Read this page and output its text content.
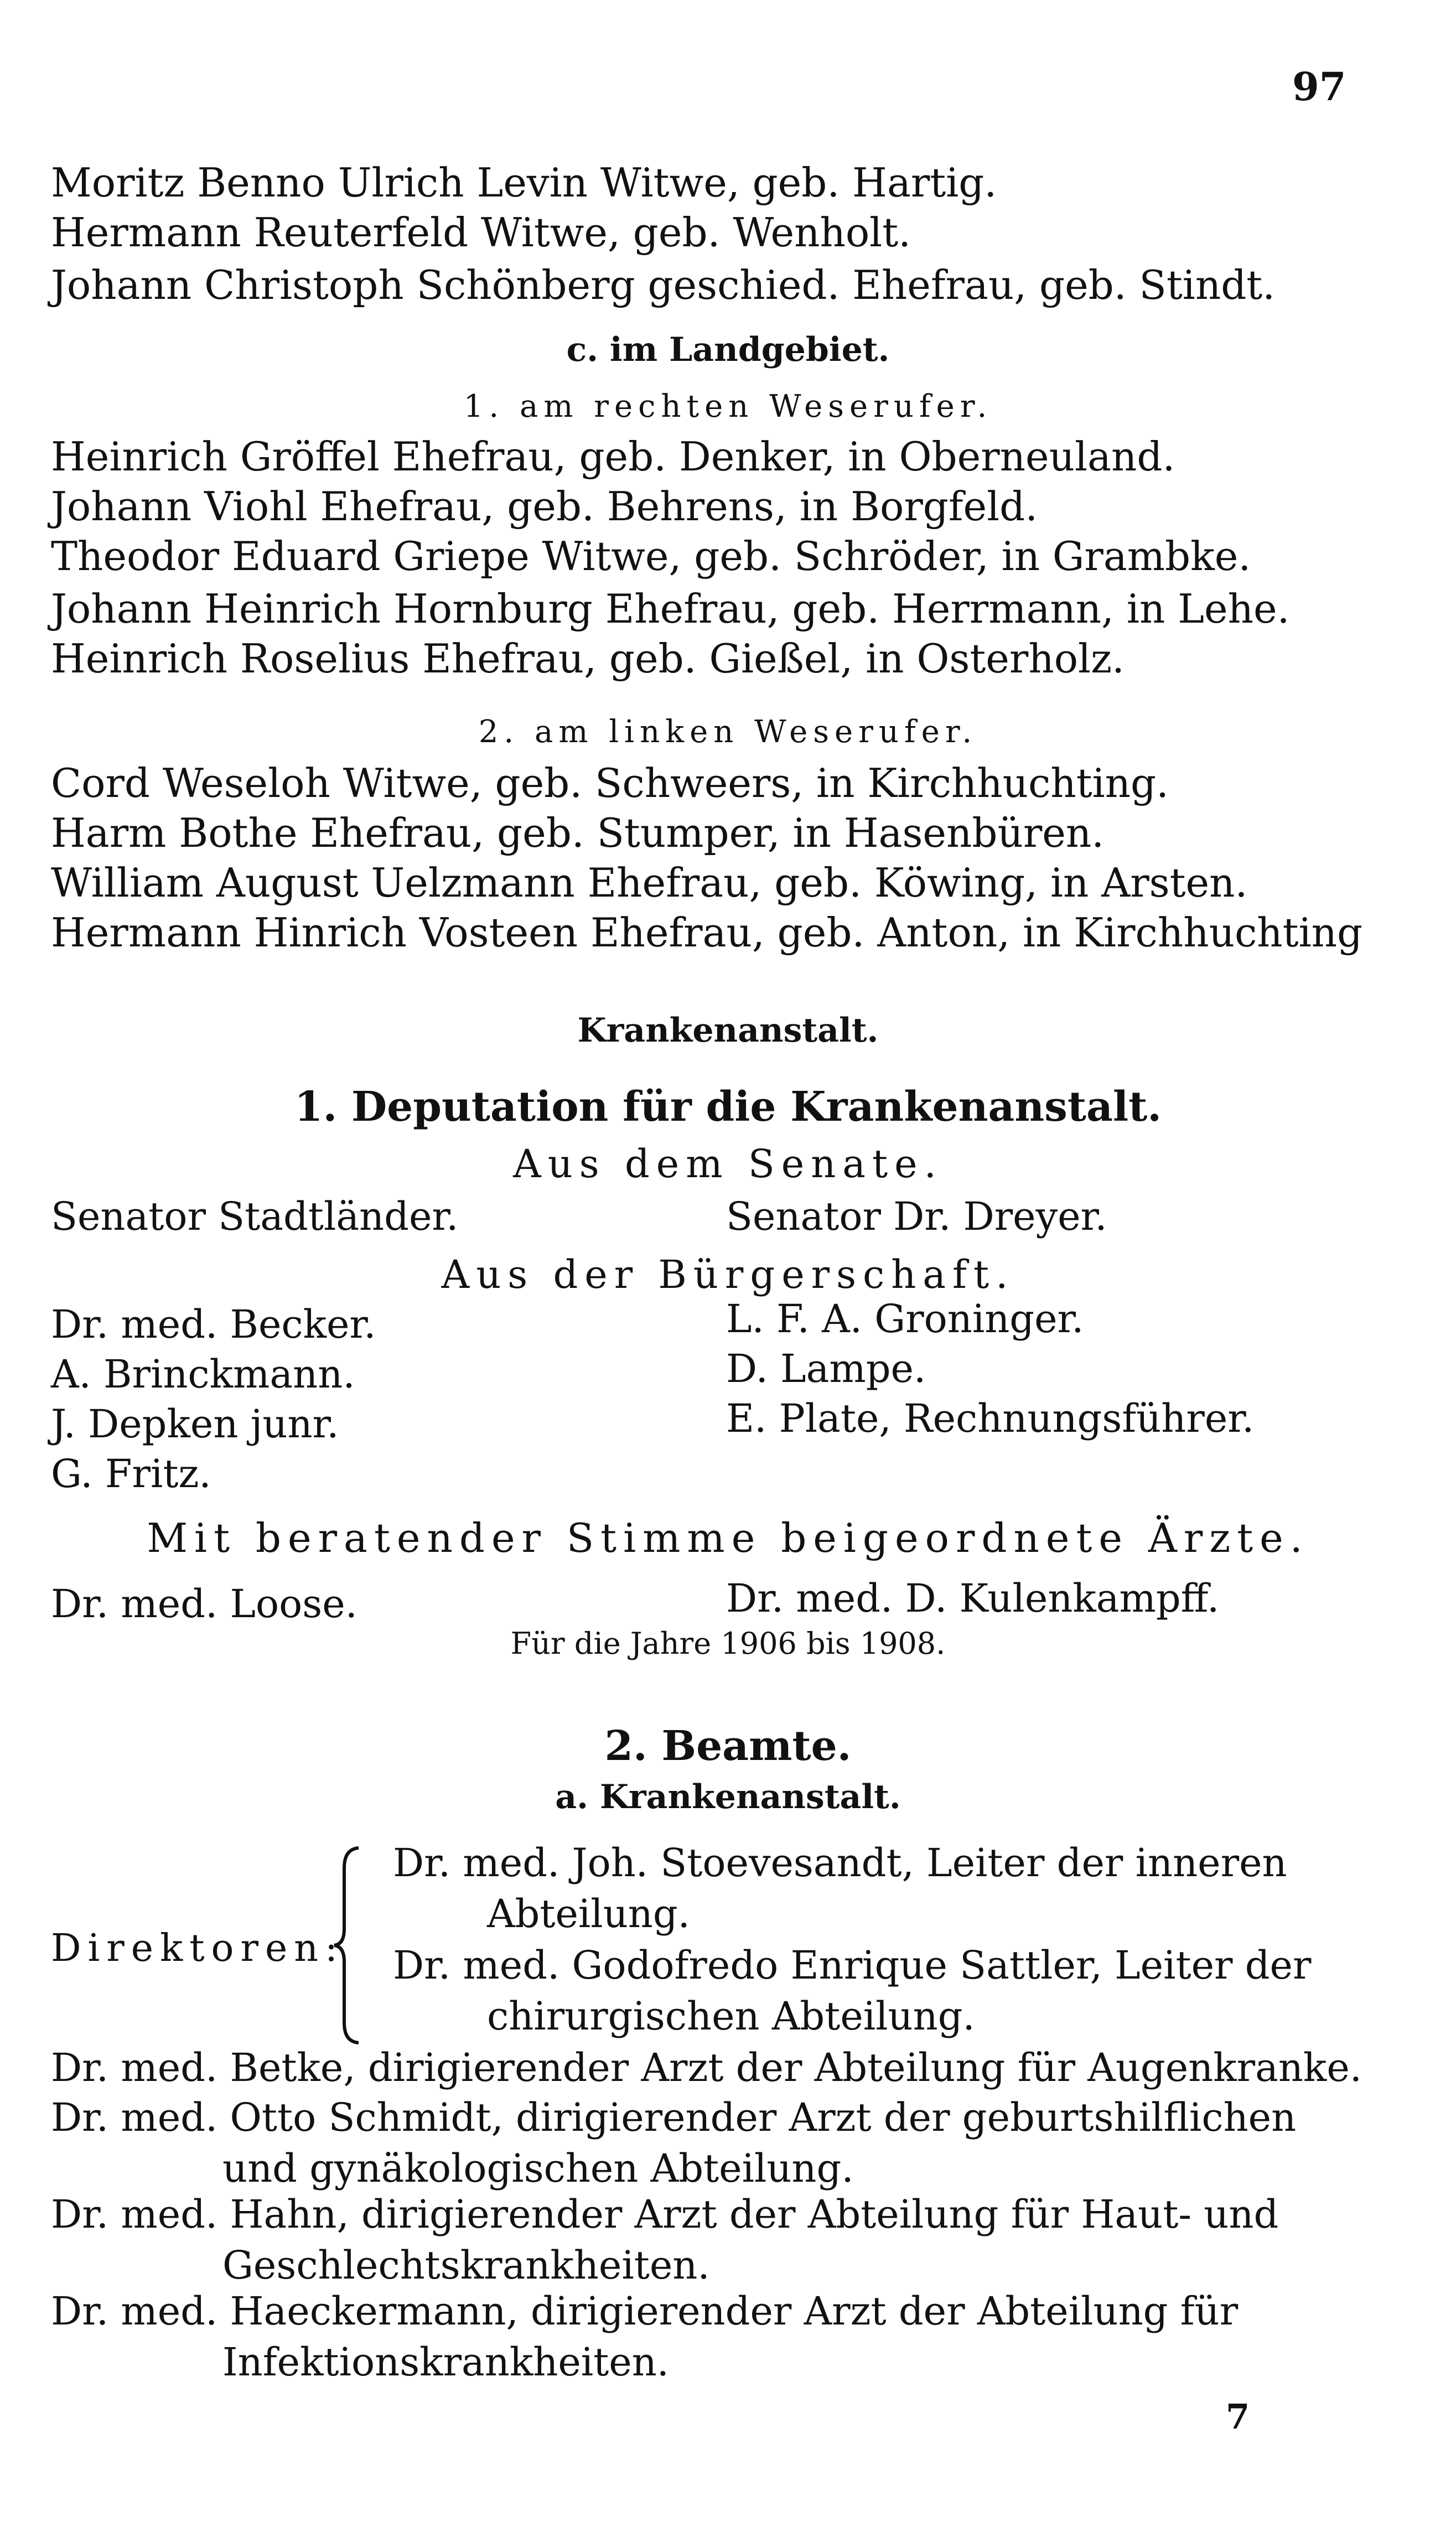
97
Moritz Benno Ulrich Levin Witwe, geb. Hartig.
Hermann Reuterfeld Witwe, geb. Wenholt.
Johann Christoph Schönberg geschied. Ehefrau, geb. Stindt.
c. im Landgebiet.
1. am rechten Weserufer.
Heinrich Gröffel Ehefrau, geb. Denker, in Oberneuland.
Johann Viohl Ehefrau, geb. Behrens, in Borgfeld.
Theodor Eduard Griepe Witwe, geb. Schröder, in Grambke.
Johann Heinrich Hornburg Ehefrau, geb. Herrmann, in Lehe.
Heinrich Roselius Ehefrau, geb. Gießel, in Osterholz.
2. am linken Weserufer.
Cord Weseloh Witwe, geb. Schweers, in Kirchhuchting.
Harm Bothe Ehefrau, geb. Stumper, in Hasenbüren.
William August Uelzmann Ehefrau, geb. Köwing, in Arsten.
Hermann Hinrich Vosteen Ehefrau, geb. Anton, in Kirchhuchting
Krankenanstalt.
1. Deputation für die Krankenanstalt.
Aus dem Senate.
Senator Stadtländer.	Senator Dr. Dreyer.
Aus der Bürgerschaft.
Dr. med. Becker.
A. Brinckmann.
J. Depken junr.
G. Fritz.
L. F. A. Groninger.
D. Lampe.
E. Plate, Rechnungsführer.
Mit beratender Stimme beigeordnete Ärzte.
Dr. med. Loose.	Dr. med. D. Kulenkampff.
Für die Jahre 1906 bis 1908.
2. Beamte.
a. Krankenanstalt.
Direktoren:
Dr. med. Joh. Stoevesandt, Leiter der inneren
Abteilung.
Dr. med. Godofredo Enrique Sattler, Leiter der
chirurgischen Abteilung.
Dr. med. Betke, dirigierender Arzt der Abteilung für Augenkranke.
Dr. med. Otto Schmidt, dirigierender Arzt der geburtshilflichen
und gynäkologischen Abteilung.
Dr. med. Hahn, dirigierender Arzt der Abteilung für Haut- und
Geschlechtskrankheiten.
Dr. med. Haeckermann, dirigierender Arzt der Abteilung für
Infektionskrankheiten.
7
